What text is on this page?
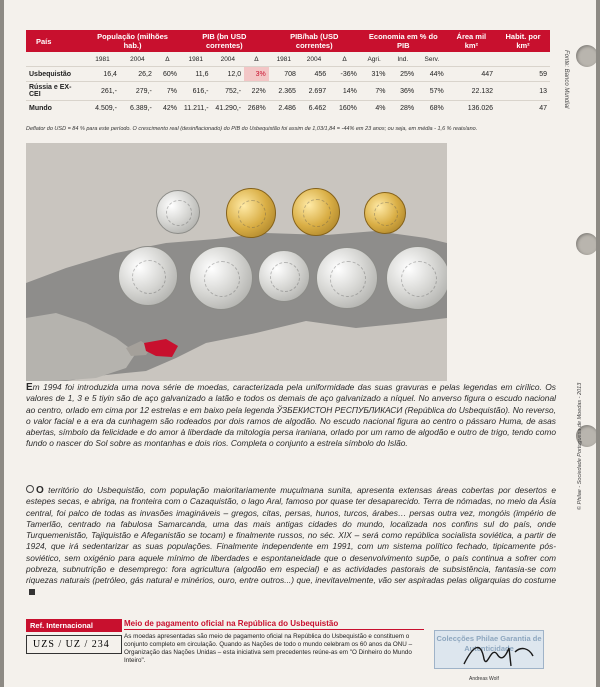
País	População (milhões hab.)			PIB (bn USD correntes)			PIB/hab (USD correntes)			Economia em % do PIB			Área mil km²	Habit. por km²
	1981	2004	Δ	1981	2004	Δ	1981	2004	Δ	Agri.	Ind.	Serv.		
Usbequistão	16,4	26,2	60%	11,6	12,0	3%	708	456	-36%	31%	25%	44%	447	59
Rússia e EX-CEI	261,-	279,-	7%	616,-	752,-	22%	2.365	2.697	14%	7%	36%	57%	22.132	13
Mundo	4.509,-	6.389,-	42%	11.211,-	41.290,-	268%	2.486	6.462	160%	4%	28%	68%	136.026	47
Deflator do USD = 84 % para este período. O crescimento real (desinflacionado) do PIB do Usbequistão foi assim de 1,03/1,84 = -44% em 23 anos; ou seja, em média - 1,6 % reais/ano.
Fonte: Banco Mundial
© Philae - Sociedade Portuguesa de Moedas - 2013
Em 1994 foi introduzida uma nova série de moedas, caracterizada pela uniformidade das suas gravuras e pelas legendas em cirílico. Os valores de 1, 3 e 5 tiyin são de aço galvanizado a latão e todos os demais de aço galvanizado a níquel. No anverso figura o escudo nacional ao centro, orlado em cima por 12 estrelas e em baixo pela legenda ЎЗБЕКИСТОН РЕСПУБЛИКАСИ (República do Usbequistão). No reverso, o valor facial e a era da cunhagem são rodeados por dois ramos de algodão. No escudo nacional figura ao centro o pássaro Huma, de asas abertas, símbolo da felicidade e do amor à liberdade da mitologia persa iraniana, orlado por um ramo de algodão e outro de trigo, tendo como fundo o nascer do Sol sobre as montanhas e dois rios. Completa o conjunto a estrela símbolo do Islão.
O território do Usbequistão, com população maioritariamente muçulmana sunita, apresenta extensas áreas cobertas por desertos e estepes secas, e abriga, na fronteira com o Cazaquistão, o lago Aral, famoso por quase ter desaparecido. Terra de nómadas, no meio da Ásia central, foi palco de todas as invasões imagináveis – gregos, citas, persas, hunos, turcos, árabes… persas outra vez, mongóis (império de Tamerlão, centrado na fabulosa Samarcanda, uma das mais antigas cidades do mundo, localizada nos confins sul do país, onde Turquemenistão, Tajiquistão e Afeganistão se tocam) e finalmente russos, no séc. XIX – será como república socialista soviética, a partir de 1924, que irá sedentarizar as suas populações. Finalmente independente em 1991, com um sistema político fechado, tipicamente pós-soviético, sem oxigénio para aquele mínimo de liberdades e espontaneidade que o desenvolvimento supõe, o país continua a sofrer com pobreza, subnutrição e desemprego: fora agricultura (algodão em especial) e as actividades pastorais de subsistência, fantasia-se com riquezas naturais (petróleo, gás natural e minérios, ouro, entre outros...) que, inevitavelmente, vão ser aspiradas pelas oligarquias do costume
Ref. Internacional
UZS / UZ / 234
Meio de pagamento oficial na República do Usbequistão
As moedas apresentadas são meio de pagamento oficial na República do Usbequistão e constituem o conjunto completo em circulação. Quando as Nações de todo o mundo celebram os 60 anos da ONU – Organização das Nações Unidas – esta iniciativa sem precedentes reúne-as em "O Dinheiro do Mundo Inteiro".
Colecções Philae Garantia de Autenticidade
Andreas Wolf
